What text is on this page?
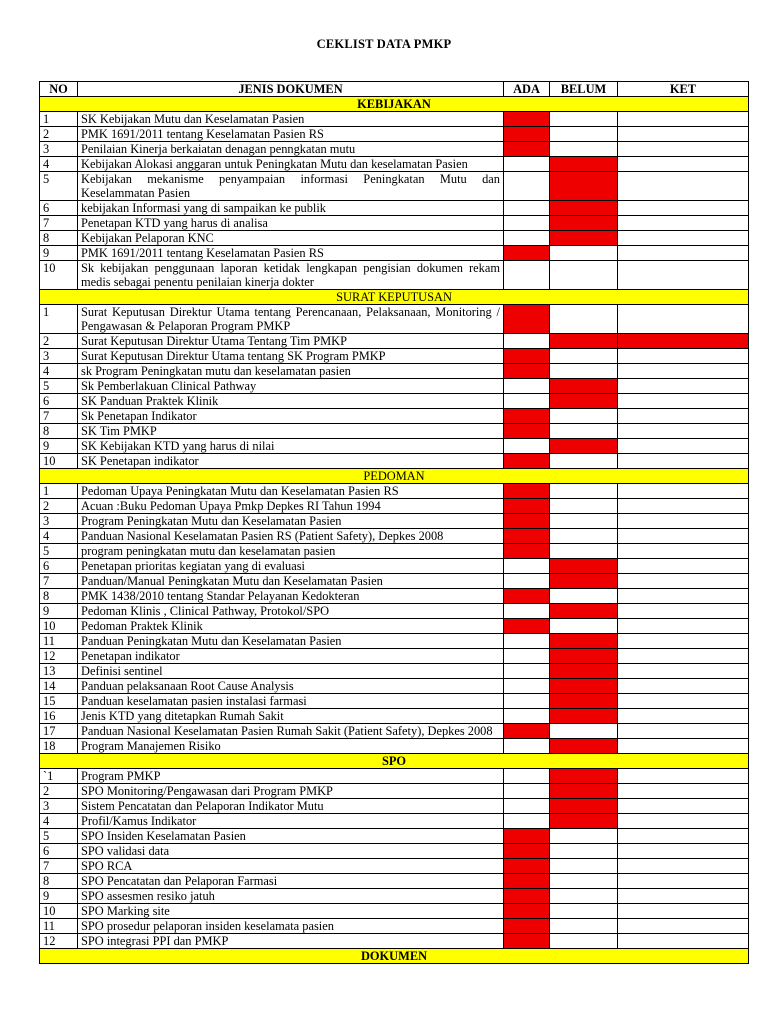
CEKLIST DATA PMKP
NO	JENIS DOKUMEN	ADA	BELUM	KET
KEBIJAKAN				
1	SK Kebijakan Mutu dan Keselamatan Pasien			
2	PMK 1691/2011 tentang Keselamatan Pasien RS			
3	Penilaian Kinerja berkaiatan denagan penngkatan mutu			
4	Kebijakan Alokasi anggaran untuk Peningkatan Mutu dan keselamatan Pasien			
5	Kebijakan mekanisme penyampaian informasi Peningkatan Mutu dan Keselammatan Pasien			
6	kebijakan Informasi yang di sampaikan ke publik			
7	Penetapan KTD yang harus di analisa			
8	Kebijakan Pelaporan KNC			
9	PMK 1691/2011 tentang Keselamatan Pasien RS			
10	Sk kebijakan penggunaan laporan ketidak lengkapan pengisian dokumen rekam medis sebagai penentu penilaian kinerja dokter			
SURAT KEPUTUSAN				
1	Surat Keputusan Direktur Utama tentang Perencanaan, Pelaksanaan, Monitoring / Pengawasan & Pelaporan Program PMKP			
2	Surat Keputusan Direktur Utama Tentang Tim PMKP			
3	Surat Keputusan Direktur Utama tentang SK Program PMKP			
4	sk Program Peningkatan mutu dan keselamatan pasien			
5	Sk Pemberlakuan Clinical Pathway			
6	SK Panduan Praktek Klinik			
7	Sk Penetapan Indikator			
8	SK Tim PMKP			
9	SK Kebijakan KTD yang harus di nilai			
10	SK Penetapan indikator			
PEDOMAN				
1	Pedoman Upaya Peningkatan Mutu dan Keselamatan Pasien RS			
2	Acuan :Buku Pedoman Upaya Pmkp Depkes RI Tahun 1994			
3	Program Peningkatan Mutu dan Keselamatan Pasien			
4	Panduan Nasional Keselamatan Pasien RS (Patient Safety), Depkes 2008			
5	program peningkatan mutu dan keselamatan pasien			
6	Penetapan prioritas kegiatan yang di evaluasi			
7	Panduan/Manual Peningkatan Mutu dan Keselamatan Pasien			
8	PMK 1438/2010 tentang Standar Pelayanan Kedokteran			
9	Pedoman Klinis , Clinical Pathway, Protokol/SPO			
10	Pedoman Praktek Klinik			
11	Panduan Peningkatan Mutu dan Keselamatan Pasien			
12	Penetapan indikator			
13	Definisi sentinel			
14	Panduan pelaksanaan Root Cause Analysis			
15	Panduan keselamatan pasien instalasi farmasi			
16	Jenis KTD yang ditetapkan Rumah Sakit			
17	Panduan Nasional Keselamatan Pasien Rumah Sakit (Patient Safety), Depkes 2008			
18	Program Manajemen Risiko			
SPO				
`1	Program PMKP			
2	SPO Monitoring/Pengawasan dari Program PMKP			
3	Sistem Pencatatan dan Pelaporan Indikator Mutu			
4	Profil/Kamus Indikator			
5	SPO Insiden Keselamatan Pasien			
6	SPO validasi data			
7	SPO RCA			
8	SPO Pencatatan dan Pelaporan Farmasi			
9	SPO assesmen resiko jatuh			
10	SPO Marking site			
11	SPO prosedur pelaporan insiden keselamata pasien			
12	SPO integrasi PPI dan PMKP			
DOKUMEN				
